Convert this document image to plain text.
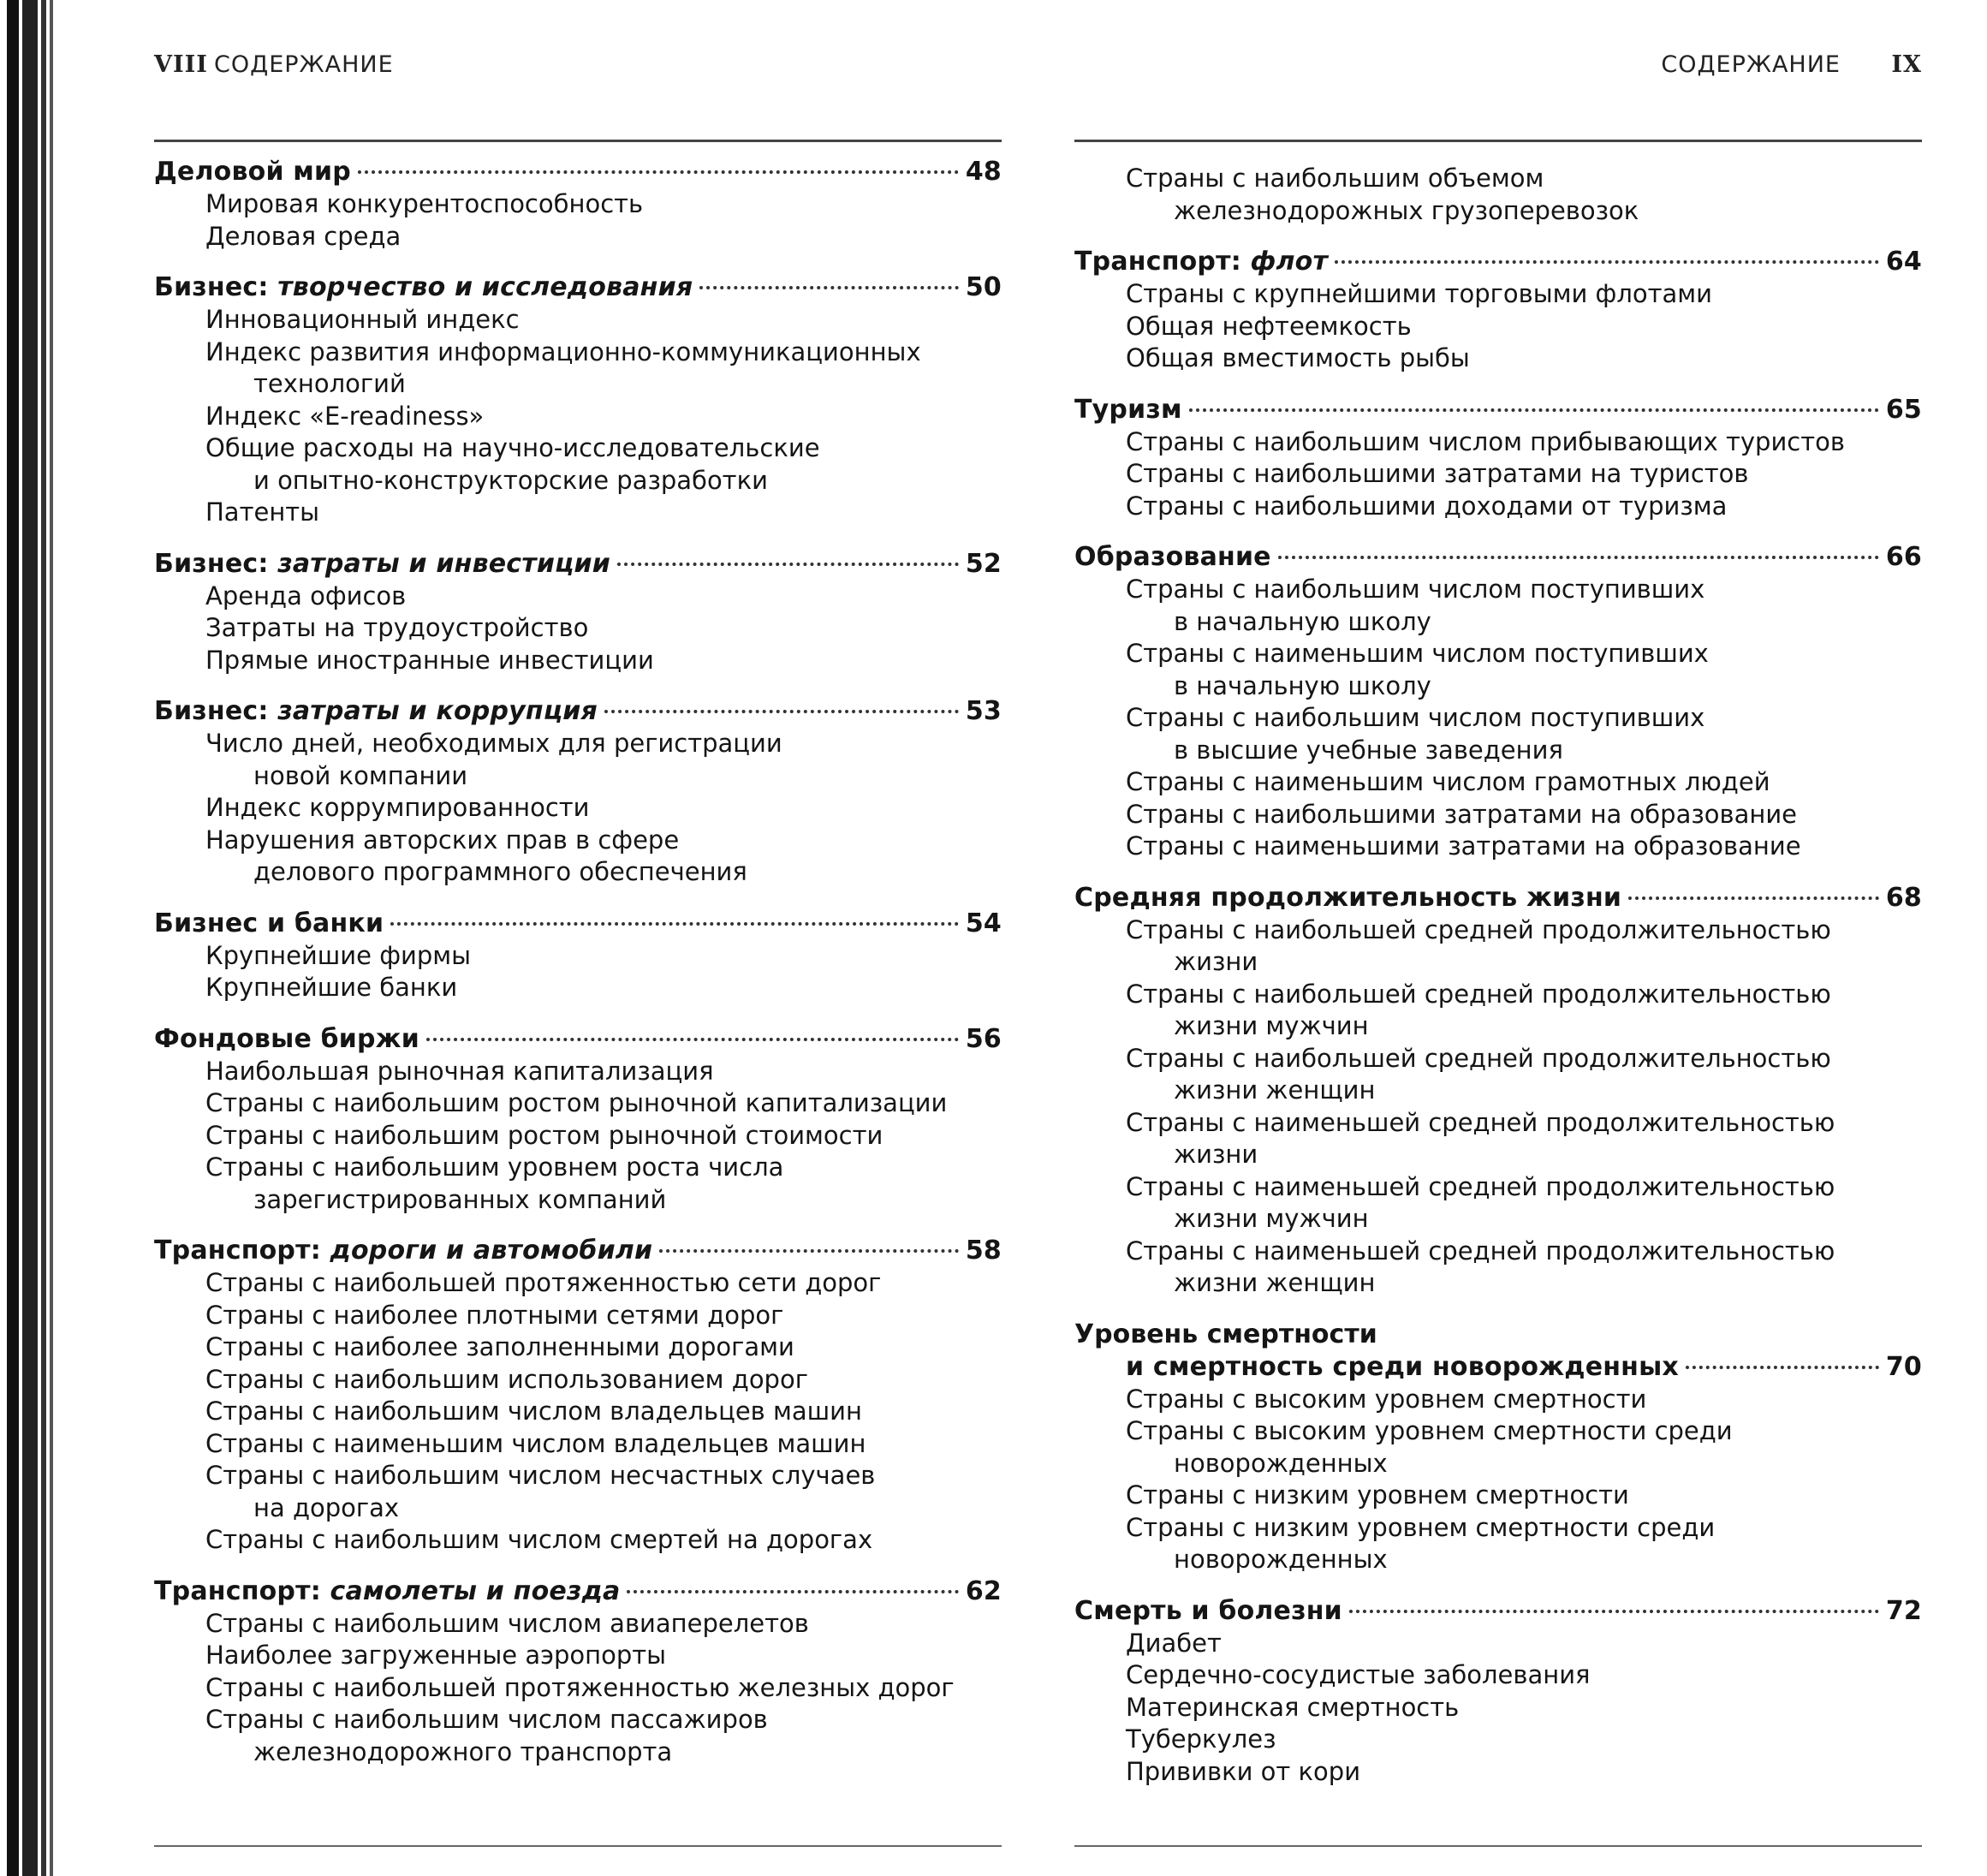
VIII СОДЕРЖАНИЕ
Деловой мир	48
Мировая конкурентоспособность
Деловая среда
Бизнес: творчество и исследования	50
Инновационный индекс
Индекс развития информационно-коммуникационных
технологий
Индекс «E-readiness»
Общие расходы на научно-исследовательские
и опытно-конструкторские разработки
Патенты
Бизнес: затраты и инвестиции	52
Аренда офисов
Затраты на трудоустройство
Прямые иностранные инвестиции
Бизнес: затраты и коррупция	53
Число дней, необходимых для регистрации
новой компании
Индекс коррумпированности
Нарушения авторских прав в сфере
делового программного обеспечения
Бизнес и банки	54
Крупнейшие фирмы
Крупнейшие банки
Фондовые биржи	56
Наибольшая рыночная капитализация
Страны с наибольшим ростом рыночной капитализации
Страны с наибольшим ростом рыночной стоимости
Страны с наибольшим уровнем роста числа
зарегистрированных компаний
Транспорт: дороги и автомобили	58
Страны с наибольшей протяженностью сети дорог
Страны с наиболее плотными сетями дорог
Страны с наиболее заполненными дорогами
Страны с наибольшим использованием дорог
Страны с наибольшим числом владельцев машин
Страны с наименьшим числом владельцев машин
Страны с наибольшим числом несчастных случаев
на дорогах
Страны с наибольшим числом смертей на дорогах
Транспорт: самолеты и поезда	62
Страны с наибольшим числом авиаперелетов
Наиболее загруженные аэропорты
Страны с наибольшей протяженностью железных дорог
Страны с наибольшим числом пассажиров
железнодорожного транспорта
СОДЕРЖАНИЕ IX
Страны с наибольшим объемом
железнодорожных грузоперевозок
Транспорт: флот	64
Страны с крупнейшими торговыми флотами
Общая нефтеемкость
Общая вместимость рыбы
Туризм	65
Страны с наибольшим числом прибывающих туристов
Страны с наибольшими затратами на туристов
Страны с наибольшими доходами от туризма
Образование	66
Страны с наибольшим числом поступивших
в начальную школу
Страны с наименьшим числом поступивших
в начальную школу
Страны с наибольшим числом поступивших
в высшие учебные заведения
Страны с наименьшим числом грамотных людей
Страны с наибольшими затратами на образование
Страны с наименьшими затратами на образование
Средняя продолжительность жизни	68
Страны с наибольшей средней продолжительностью
жизни
Страны с наибольшей средней продолжительностью
жизни мужчин
Страны с наибольшей средней продолжительностью
жизни женщин
Страны с наименьшей средней продолжительностью
жизни
Страны с наименьшей средней продолжительностью
жизни мужчин
Страны с наименьшей средней продолжительностью
жизни женщин
Уровень смертности
и смертность среди новорожденных	70
Страны с высоким уровнем смертности
Страны с высоким уровнем смертности среди
новорожденных
Страны с низким уровнем смертности
Страны с низким уровнем смертности среди
новорожденных
Смерть и болезни	72
Диабет
Сердечно-сосудистые заболевания
Материнская смертность
Туберкулез
Прививки от кори
